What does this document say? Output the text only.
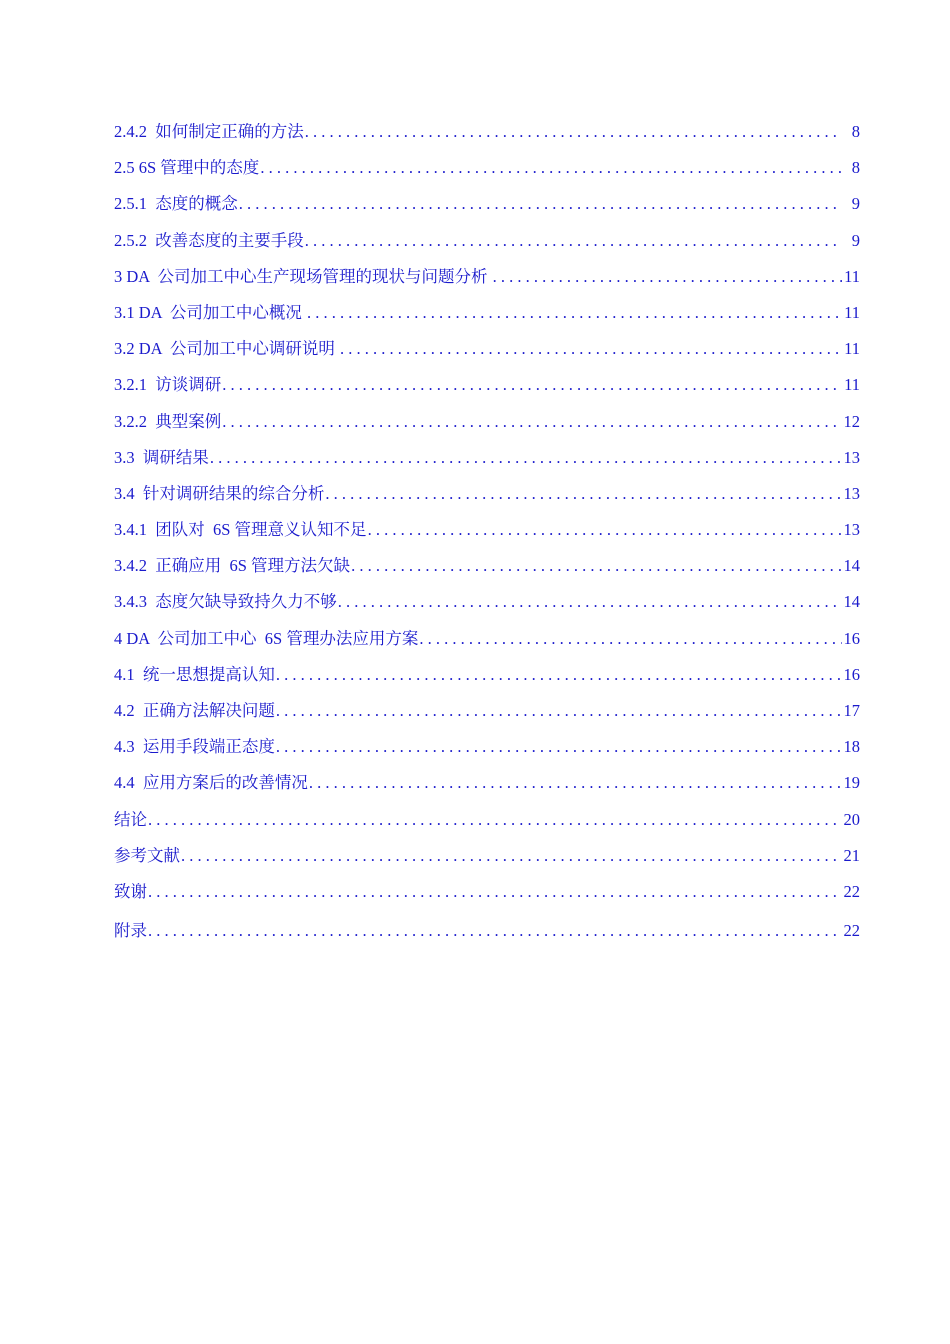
2.4.2  如何制定正确的方法 . . .	8
2.5 6S 管理中的态度 . . .	8
2.5.1  态度的概念 . . .	9
2.5.2  改善态度的主要手段 . . .	9
3 DA  公司加工中心生产现场管理的现状与问题分析 . . .	11
3.1 DA  公司加工中心概况 . . .	11
3.2 DA  公司加工中心调研说明 . . .	11
3.2.1  访谈调研 . . .	11
3.2.2  典型案例 . . .	12
3.3  调研结果 . . .	13
3.4  针对调研结果的综合分析 . . .	13
3.4.1  团队对  6S 管理意义认知不足 . . .	13
3.4.2  正确应用  6S 管理方法欠缺 . . .	14
3.4.3  态度欠缺导致持久力不够 . . .	14
4 DA  公司加工中心  6S 管理办法应用方案 . . .	16
4.1  统一思想提高认知 . . .	16
4.2  正确方法解决问题 . . .	17
4.3  运用手段端正态度 . . .	18
4.4  应用方案后的改善情况 . . .	19
结论 . . .	20
参考文献 . . .	21
致谢 . . .	22
附录 . . .	22
